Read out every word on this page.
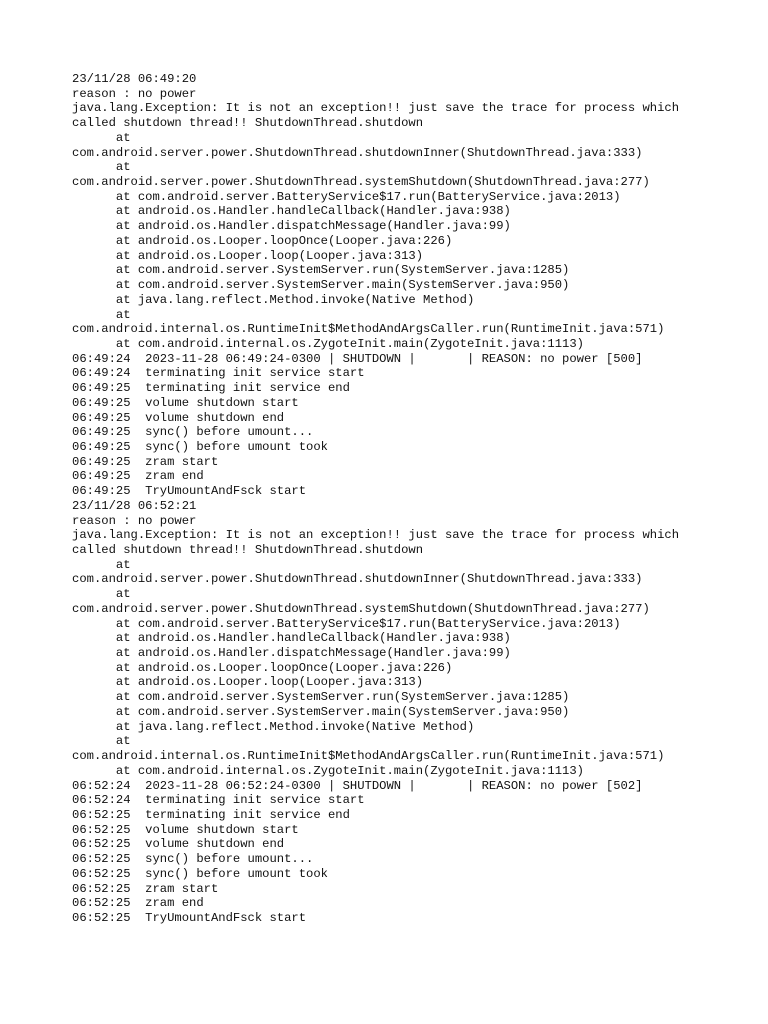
23/11/28 06:49:20
reason : no power
java.lang.Exception: It is not an exception!! just save the trace for process which
called shutdown thread!! ShutdownThread.shutdown
at
com.android.server.power.ShutdownThread.shutdownInner(ShutdownThread.java:333)
at
com.android.server.power.ShutdownThread.systemShutdown(ShutdownThread.java:277)
at com.android.server.BatteryService$17.run(BatteryService.java:2013)
at android.os.Handler.handleCallback(Handler.java:938)
at android.os.Handler.dispatchMessage(Handler.java:99)
at android.os.Looper.loopOnce(Looper.java:226)
at android.os.Looper.loop(Looper.java:313)
at com.android.server.SystemServer.run(SystemServer.java:1285)
at com.android.server.SystemServer.main(SystemServer.java:950)
at java.lang.reflect.Method.invoke(Native Method)
at
com.android.internal.os.RuntimeInit$MethodAndArgsCaller.run(RuntimeInit.java:571)
at com.android.internal.os.ZygoteInit.main(ZygoteInit.java:1113)
06:49:24  2023-11-28 06:49:24-0300 | SHUTDOWN |       | REASON: no power [500]
06:49:24  terminating init service start
06:49:25  terminating init service end
06:49:25  volume shutdown start
06:49:25  volume shutdown end
06:49:25  sync() before umount...
06:49:25  sync() before umount took
06:49:25  zram start
06:49:25  zram end
06:49:25  TryUmountAndFsck start
23/11/28 06:52:21
reason : no power
java.lang.Exception: It is not an exception!! just save the trace for process which
called shutdown thread!! ShutdownThread.shutdown
at
com.android.server.power.ShutdownThread.shutdownInner(ShutdownThread.java:333)
at
com.android.server.power.ShutdownThread.systemShutdown(ShutdownThread.java:277)
at com.android.server.BatteryService$17.run(BatteryService.java:2013)
at android.os.Handler.handleCallback(Handler.java:938)
at android.os.Handler.dispatchMessage(Handler.java:99)
at android.os.Looper.loopOnce(Looper.java:226)
at android.os.Looper.loop(Looper.java:313)
at com.android.server.SystemServer.run(SystemServer.java:1285)
at com.android.server.SystemServer.main(SystemServer.java:950)
at java.lang.reflect.Method.invoke(Native Method)
at
com.android.internal.os.RuntimeInit$MethodAndArgsCaller.run(RuntimeInit.java:571)
at com.android.internal.os.ZygoteInit.main(ZygoteInit.java:1113)
06:52:24  2023-11-28 06:52:24-0300 | SHUTDOWN |       | REASON: no power [502]
06:52:24  terminating init service start
06:52:25  terminating init service end
06:52:25  volume shutdown start
06:52:25  volume shutdown end
06:52:25  sync() before umount...
06:52:25  sync() before umount took
06:52:25  zram start
06:52:25  zram end
06:52:25  TryUmountAndFsck start
